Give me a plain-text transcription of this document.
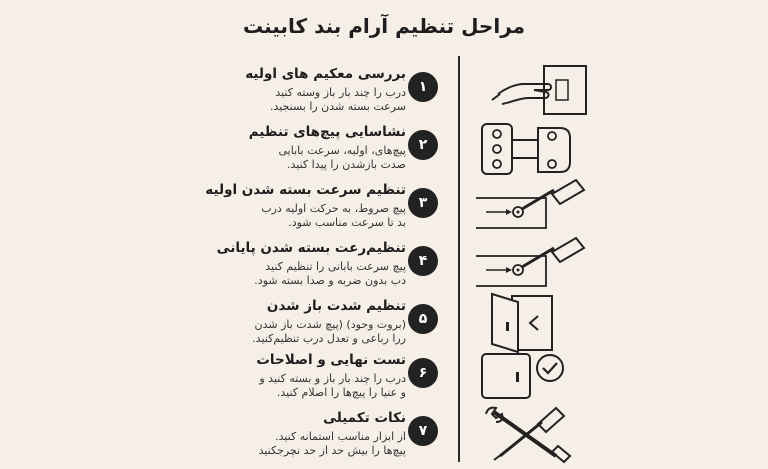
مراحل تنظیم آرام بند کابینت
بررسی معکیم های اولیه
درب را چند بار باز وسته کنید
سرعت بسته شدن را بسنجید.
۱
نشاسایی پیچ‌های تنظیم
پیچ‌های، اولیه، سرعت بابایی
صدت بازشدن را پیدا کنید.
۲
تنظیم سرعت بسته شدن اولیه
پیچ صروط، به حرکت اولیه درب
بد تا سرعت مناسب شود.
۳
تنظیم‌رعت بسته شدن پایانی
پیچ سرعت بابانی را تنظیم کنید
دب بدون ضربه و صدا بسته شود.
۴
تنظیم شدت باز شدن
(بروت وحود) (پیچ شدت باز شدن
ررا رباعی و تعدل درب تنظیم‌کنید.
۵
تست نهایی و اصلاحات
درب را چند بار باز و بسته کنید و
و عنیا را پیچ‌ها را اصلام کنید.
۶
نکات تکمیلی
از ابزار مناسب استمانه کنید.
پیچ‌ها را بیش حد از حد نچرجکنید
۷
